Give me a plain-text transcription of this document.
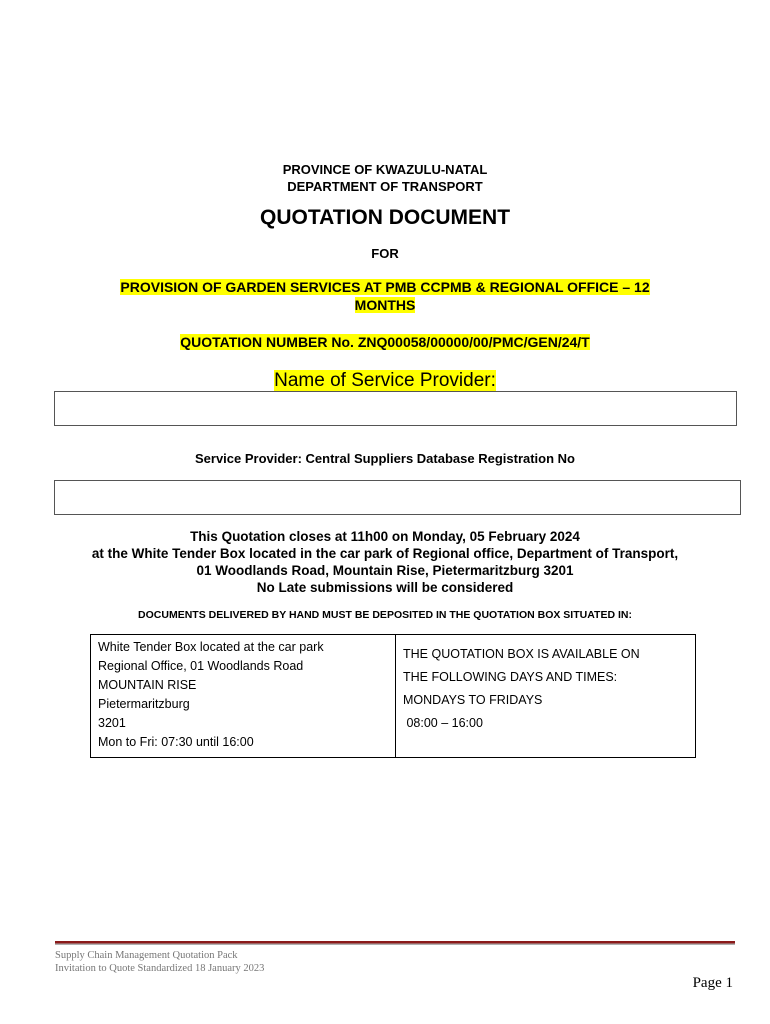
PROVINCE OF KWAZULU-NATAL
DEPARTMENT OF TRANSPORT
QUOTATION DOCUMENT
FOR
PROVISION OF GARDEN SERVICES AT PMB CCPMB & REGIONAL OFFICE – 12
MONTHS
QUOTATION NUMBER No. ZNQ00058/00000/00/PMC/GEN/24/T
Name of Service Provider:
Service Provider: Central Suppliers Database Registration No
This Quotation closes at 11h00 on Monday, 05 February 2024
at the White Tender Box located in the car park of Regional office, Department of Transport,
01 Woodlands Road, Mountain Rise, Pietermaritzburg 3201
No Late submissions will be considered
DOCUMENTS DELIVERED BY HAND MUST BE DEPOSITED IN THE QUOTATION BOX SITUATED IN:
White Tender Box located at the car park
Regional Office, 01 Woodlands Road
MOUNTAIN RISE
Pietermaritzburg
3201
Mon to Fri: 07:30 until 16:00

THE QUOTATION BOX IS AVAILABLE ON
THE FOLLOWING DAYS AND TIMES:
MONDAYS TO FRIDAYS
08:00 – 16:00
Supply Chain Management Quotation Pack
Invitation to Quote Standardized 18 January 2023
Page 1
